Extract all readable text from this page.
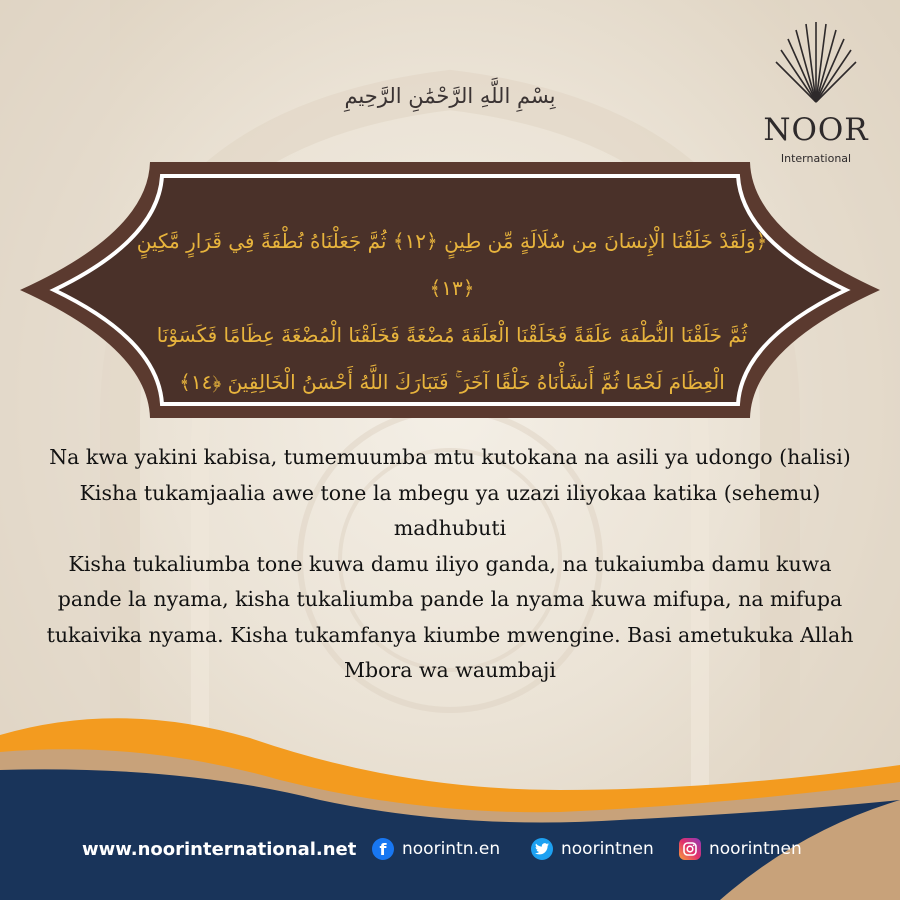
NOOR
International
بِسْمِ اللَّهِ الرَّحْمَٰنِ الرَّحِيمِ
﴿وَلَقَدْ خَلَقْنَا الْإِنسَانَ مِن سُلَالَةٍ مِّن طِينٍ ﴿١٢﴾ ثُمَّ جَعَلْنَاهُ نُطْفَةً فِي قَرَارٍ مَّكِينٍ ﴿١٣﴾
ثُمَّ خَلَقْنَا النُّطْفَةَ عَلَقَةً فَخَلَقْنَا الْعَلَقَةَ مُضْغَةً فَخَلَقْنَا الْمُضْغَةَ عِظَامًا فَكَسَوْنَا
الْعِظَامَ لَحْمًا ثُمَّ أَنشَأْنَاهُ خَلْقًا آخَرَ ۚ فَتَبَارَكَ اللَّهُ أَحْسَنُ الْخَالِقِينَ ﴿١٤﴾
Na kwa yakini kabisa, tumemuumba mtu kutokana na asili ya udongo (halisi)
Kisha tukamjaalia awe tone la mbegu ya uzazi iliyokaa katika (sehemu) madhubuti
Kisha tukaliumba tone kuwa damu iliyo ganda, na tukaiumba damu kuwa pande la nyama, kisha tukaliumba pande la nyama kuwa mifupa, na mifupa tukaivika nyama. Kisha tukamfanya kiumbe mwengine. Basi ametukuka Allah Mbora wa waumbaji
www.noorinternational.net	f noorintn.en	noorintnen	noorintnen
